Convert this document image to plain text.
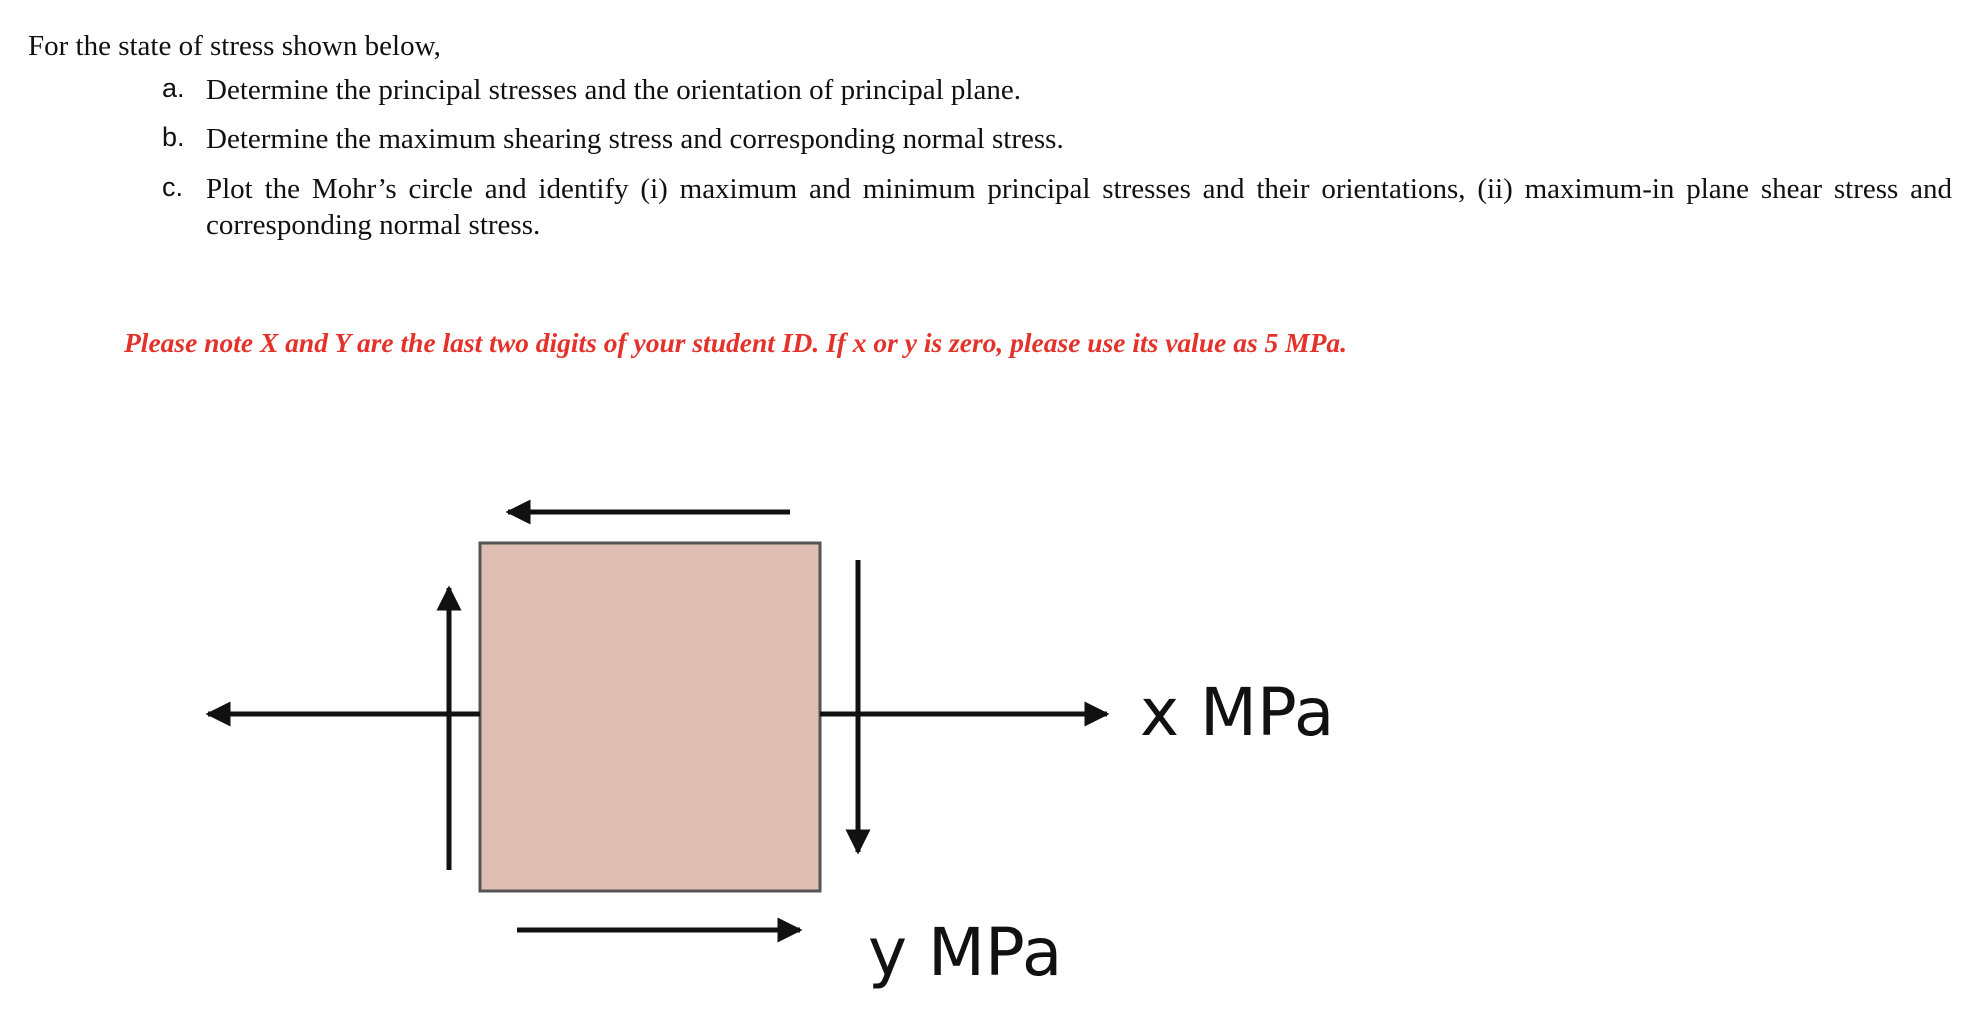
For the state of stress shown below,
a. Determine the principal stresses and the orientation of principal plane.
b. Determine the maximum shearing stress and corresponding normal stress.
c. Plot the Mohr’s circle and identify (i) maximum and minimum principal stresses and their orientations, (ii) maximum-in plane shear stress and corresponding normal stress.
Please note X and Y are the last two digits of your student ID. If x or y is zero, please use its value as 5 MPa.
x MPa
y MPa
